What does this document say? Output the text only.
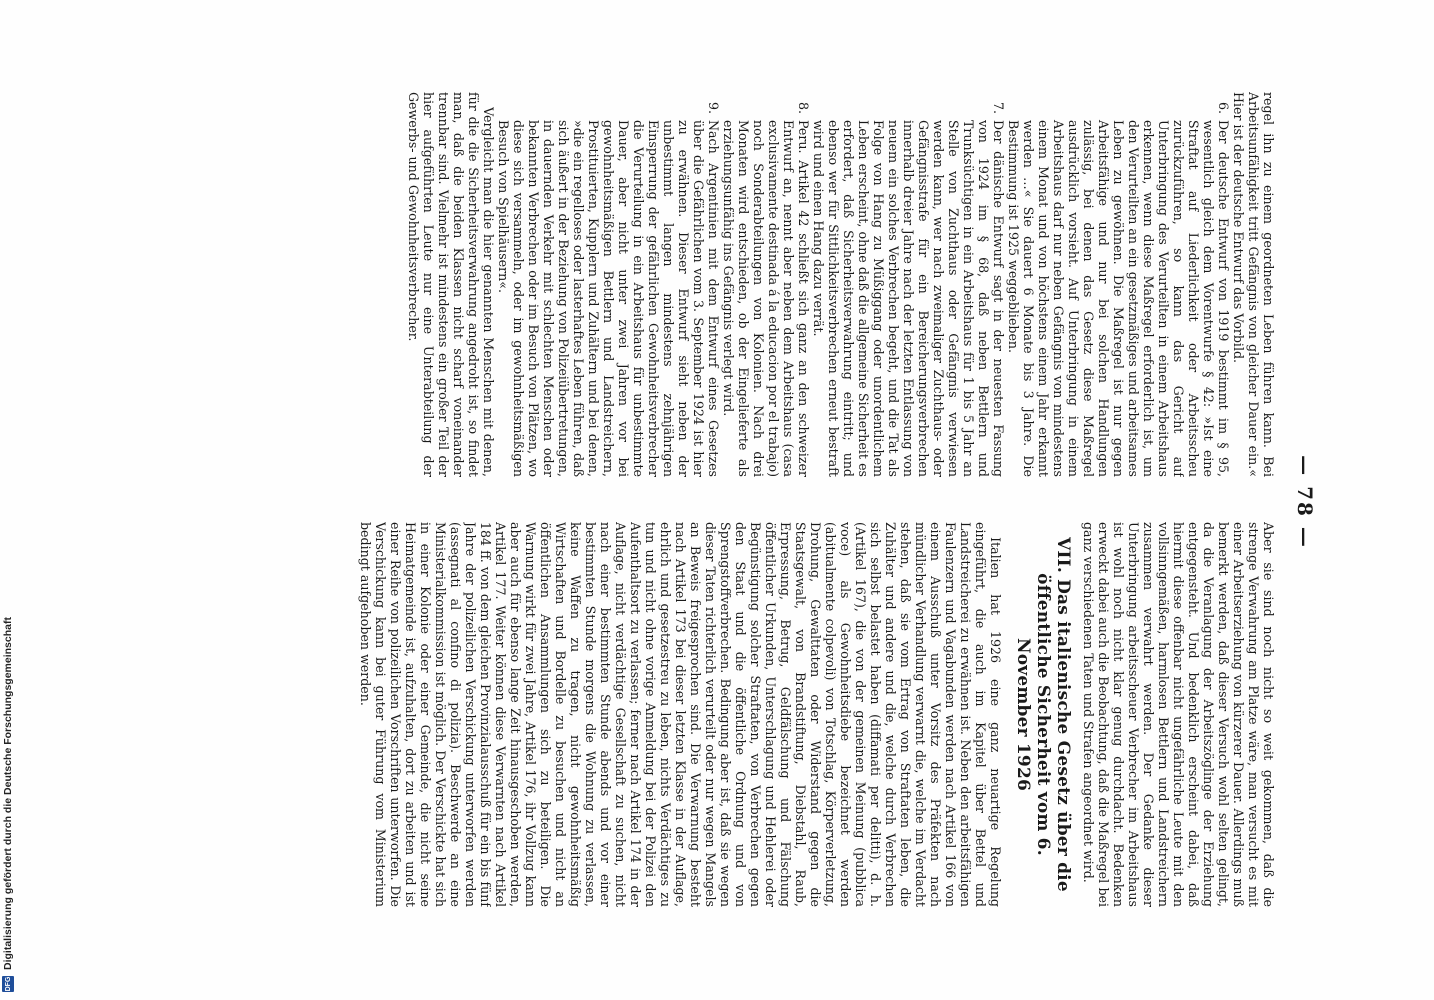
— 78 —

regel ihn zu einem geordneten Leben führen kann. Bei Arbeitsunfähigkeit tritt Gefängnis von gleicher Dauer ein.« Hier ist der deutsche Entwurf das Vorbild.

6.

Der deutsche Entwurf von 1919 bestimmt im § 95, wesentlich gleich dem Vorentwurfe § 42: »Ist eine Straftat auf Liederlichkeit oder Arbeitsscheu zurückzuführen, so kann das Gericht auf Unterbringung des Verurteilten in einem Arbeitshaus erkennen, wenn diese Maßregel erforderlich ist, um den Verurteilten an ein gesetzmäßiges und arbeitsames Leben zu gewöhnen. Die Maßregel ist nur gegen Arbeitsfähige und nur bei solchen Handlungen zulässig, bei denen das Gesetz diese Maßregel ausdrücklich vorsieht. Auf Unterbringung in einem Arbeitshaus darf nur neben Gefängnis von mindestens einem Monat und von höchstens einem Jahr erkannt werden …« Sie dauert 6 Monate bis 3 Jahre. Die Bestimmung ist 1925 weggeblieben.

7.

Der dänische Entwurf sagt in der neuesten Fassung von 1924 im § 68, daß neben Bettlern und Trunksüchtigen in ein Arbeitshaus für 1 bis 5 Jahr an Stelle von Zuchthaus oder Gefängnis verwiesen werden kann, wer nach zweimaliger Zuchthaus- oder Gefängnisstrafe für ein Bereicherungsverbrechen innerhalb dreier Jahre nach der letzten Entlassung von neuem ein solches Verbrechen begeht, und die Tat als Folge von Hang zu Müßiggang oder unordentlichem Leben erscheint, ohne daß die allgemeine Sicherheit es erfordert, daß Sicherheitsverwahrung eintritt; und ebenso wer für Sittlichkeitsverbrechen erneut bestraft wird und einen Hang dazu verrät.

8.

Peru. Artikel 42 schließt sich ganz an den schweizer Entwurf an, nennt aber neben dem Arbeitshaus (casa exclusivamente destinada á la educacion por el trabajo) noch Sonderabteilungen von Kolonien. Nach drei Monaten wird entschieden, ob der Eingelieferte als erziehungsunfähig ins Gefängnis verlegt wird.

9.

Nach Argentinien mit dem Entwurf eines Gesetzes über die Gefährlichen vom 3. September 1924 ist hier zu erwähnen. Dieser Entwurf sieht neben der unbestimmt langen mindestens zehnjährigen Einsperrung der gefährlichen Gewohnheitsverbrecher die Verurteilung in ein Arbeitshaus für unbestimmte Dauer, aber nicht unter zwei Jahren vor bei gewohnheitsmäßigen Bettlern und Landstreichern, Prostituierten, Kupplern und Zuhältern und bei denen, »die ein regelloses oder lasterhaftes Leben führen, daß sich äußert in der Beziehung von Polizeiübertretungen, in dauernden Verkehr mit schlechten Menschen oder bekannten Verbrechen oder im Besuch von Plätzen, wo diese sich versammeln, oder im gewohnheitsmäßigen Besuch von Spielhäusern«.

Vergleicht man die hier genannten Menschen mit denen, für die die Sicherheitsverwahrung angedroht ist, so findet man, daß die beiden Klassen nicht scharf voneinander trennbar sind. Vielmehr ist mindestens ein großer Teil der hier aufgeführten Leute nur eine Unterabteilung der Gewerbs- und Gewohnheitsverbrecher.

Aber sie sind noch nicht so weit gekommen, daß die strenge Verwahrung am Platze wäre, man versucht es mit einer Arbeitserziehung von kürzerer Dauer. Allerdings muß bemerkt werden, daß dieser Versuch wohl selten gelingt, da die Veranlagung der Arbeitszöglinge der Erziehung entgegensteht. Und bedenklich erscheint dabei, daß hiermit diese offenbar nicht ungefährliche Leute mit den vollsinngemäßen, harmlosen Bettlern und Landstreichern zusammen verwahrt werden. Der Gedanke dieser Unterbringung arbeitsscheuer Verbrecher im Arbeitshaus ist wohl noch nicht klar genug durchdacht. Bedenken erweckt dabei auch die Beobachtung, daß die Maßregel bei ganz verschiedenen Taten und Strafen angeordnet wird.

VII. Das italienische Gesetz über die öffentliche Sicherheit vom 6. November 1926

Italien hat 1926 eine ganz neuartige Regelung eingeführt, die auch im Kapitel über Bettel und Landstreicherei zu erwähnen ist. Neben den arbeitsfähigen Faulenzern und Vagabunden werden nach Artikel 166 von einem Ausschuß unter Vorsitz des Präfekten nach mündlicher Verhandlung verwarnt die, welche im Verdacht stehen, daß sie vom Ertrag von Straftaten leben, die Zuhälter und andere und die, welche durch Verbrechen sich selbst belastet haben (diffamati per delitti), d. h. (Artikel 167), die von der gemeinen Meinung (pubblica voce) als Gewohnheitsdiebe bezeichnet werden (abitualmente colpevoli) von Totschlag, Körperverletzung, Drohung, Gewalttaten oder Widerstand gegen die Staatsgewalt, von Brandstiftung, Diebstahl, Raub, Erpressung, Betrug, Geldfälschung und Fälschung öffentlicher Urkunden, Unterschlagung und Hehlerei oder Begünstigung solcher Straftaten, von Verbrechen gegen den Staat und die öffentliche Ordnung und von Sprengstoffverbrechen. Bedingung aber ist, daß sie wegen dieser Taten richterlich verurteilt oder nur wegen Mangels an Beweis freigesprochen sind. Die Verwarnung besteht nach Artikel 173 bei dieser letzten Klasse in der Auflage, ehrlich und gesetzestreu zu leben, nichts Verdächtiges zu tun und nicht ohne vorige Anmeldung bei der Polizei den Aufenthaltsort zu verlassen; ferner nach Artikel 174 in der Auflage, nicht verdächtige Gesellschaft zu suchen, nicht nach einer bestimmten Stunde abends und vor einer bestimmten Stunde morgens die Wohnung zu verlassen, keine Waffen zu tragen, nicht gewohnheitsmäßig Wirtschaften und Bordelle zu besuchen und nicht an öffentlichen Ansammlungen sich zu beteiligen. Die Warnung wirkt für zwei Jahre, Artikel 176, ihr Vollzug kann aber auch für ebenso lange Zeit hinausgeschoben werden, Artikel 177. Weiter können diese Verwarnten nach Artikel 184 ff. von dem gleichen Provinzialausschuß für ein bis fünf Jahre der polizeilichen Verschickung unterworfen werden (assegnati al confino di polizia). Beschwerde an eine Ministerialkommission ist möglich. Der Verschickte hat sich in einer Kolonie oder einer Gemeinde, die nicht seine Heimatgemeinde ist, aufzuhalten, dort zu arbeiten und ist einer Reihe von polizeilichen Vorschriften unterworfen. Die Verschickung kann bei guter Führung vom Ministerium bedingt aufgehoben werden.

DFG
Digitalisierung gefördert durch die Deutsche Forschungsgemeinschaft
